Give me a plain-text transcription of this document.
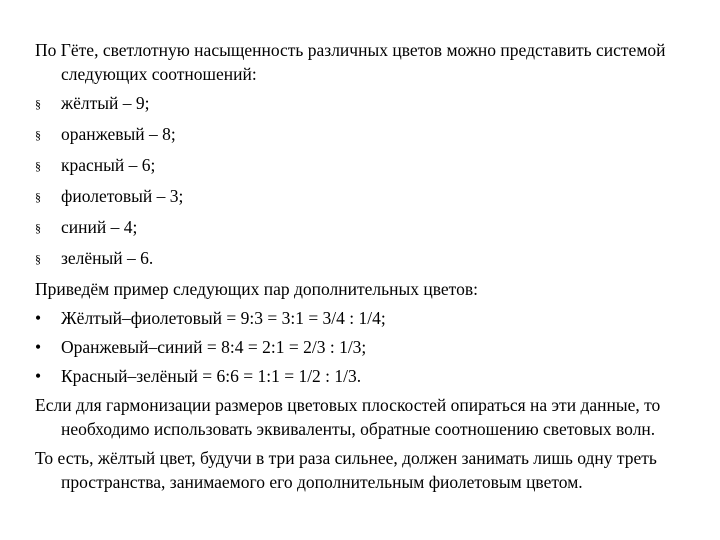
По Гёте, светлотную насыщенность различных цветов можно представить системой следующих соотношений:

§	жёлтый – 9;
§	оранжевый – 8;
§	красный – 6;
§	фиолетовый – 3;
§	синий – 4;
§	зелёный – 6.

Приведём пример следующих пар дополнительных цветов:

•	Жёлтый–фиолетовый = 9:3 = 3:1 = 3/4 : 1/4;
•	Оранжевый–синий = 8:4 = 2:1 = 2/3 : 1/3;
•	Красный–зелёный = 6:6 = 1:1 = 1/2 : 1/3.

Если для гармонизации размеров цветовых плоскостей опираться на эти данные, то необходимо использовать эквиваленты, обратные соотношению световых волн.

То есть, жёлтый цвет, будучи в три раза сильнее, должен занимать лишь одну треть пространства, занимаемого его дополнительным фиолетовым цветом.
